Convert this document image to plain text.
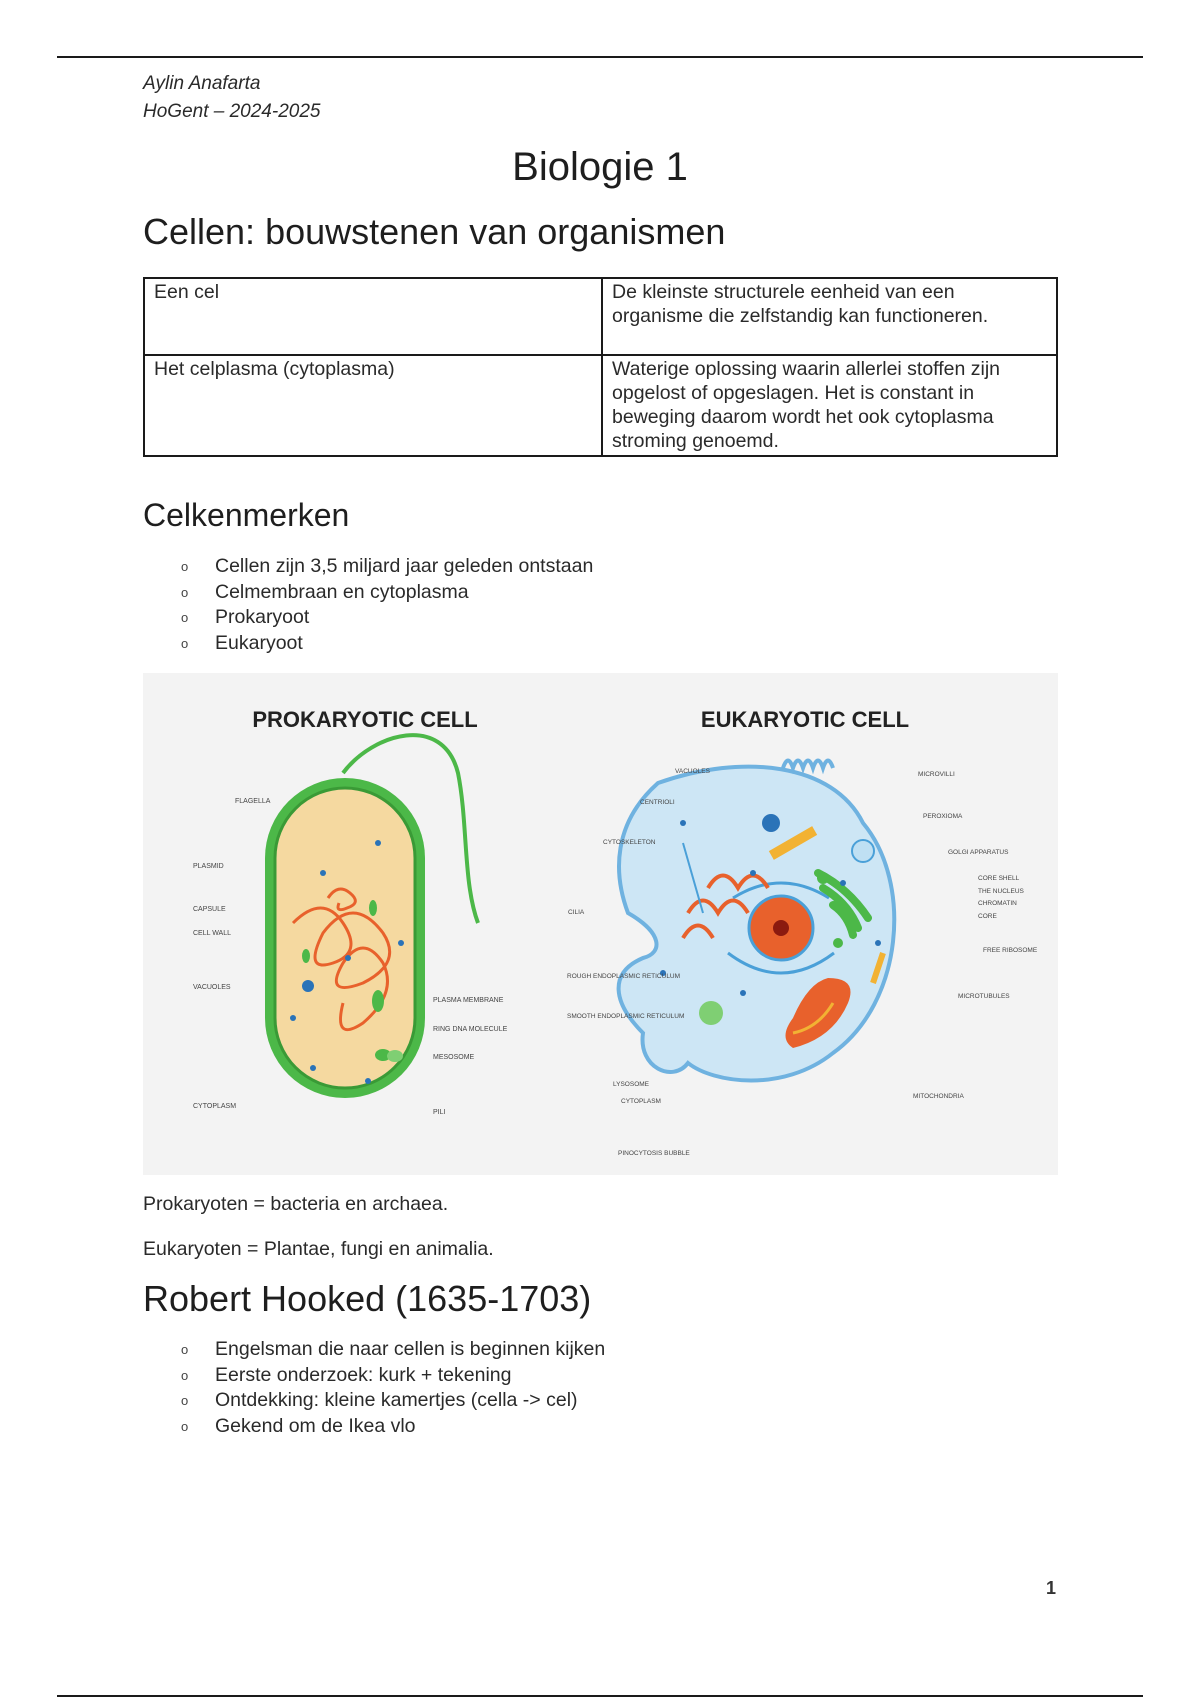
Aylin Anafarta
HoGent – 2024-2025
Biologie 1
Cellen: bouwstenen van organismen
Een cel	De kleinste structurele eenheid van een organisme die zelfstandig kan functioneren.
Het celplasma (cytoplasma)	Waterige oplossing waarin allerlei stoffen zijn opgelost of opgeslagen. Het is constant in beweging daarom wordt het ook cytoplasma stroming genoemd.
Celkenmerken
o Cellen zijn 3,5 miljard jaar geleden ontstaan
o Celmembraan en cytoplasma
o Prokaryoot
o Eukaryoot
PROKARYOTIC CELL	EUKARYOTIC CELL
FLAGELLA
PLASMID
CAPSULE
CELL WALL
VACUOLES
CYTOPLASM
PLASMA MEMBRANE
RING DNA MOLECULE
MESOSOME
PILI
VACUOLES
CENTRIOLI
CYTOSKELETON
CILIA
ROUGH ENDOPLASMIC RETICULUM
SMOOTH ENDOPLASMIC RETICULUM
LYSOSOME
CYTOPLASM
PINOCYTOSIS BUBBLE
MICROVILLI
PEROXIOMA
GOLGI APPARATUS
CORE SHELL
THE NUCLEUS
CHROMATIN
CORE
FREE RIBOSOME
MICROTUBULES
MITOCHONDRIA
Prokaryoten = bacteria en archaea.
Eukaryoten = Plantae, fungi en animalia.
Robert Hooked (1635-1703)
o Engelsman die naar cellen is beginnen kijken
o Eerste onderzoek: kurk + tekening
o Ontdekking: kleine kamertjes (cella -> cel)
o Gekend om de Ikea vlo
1
